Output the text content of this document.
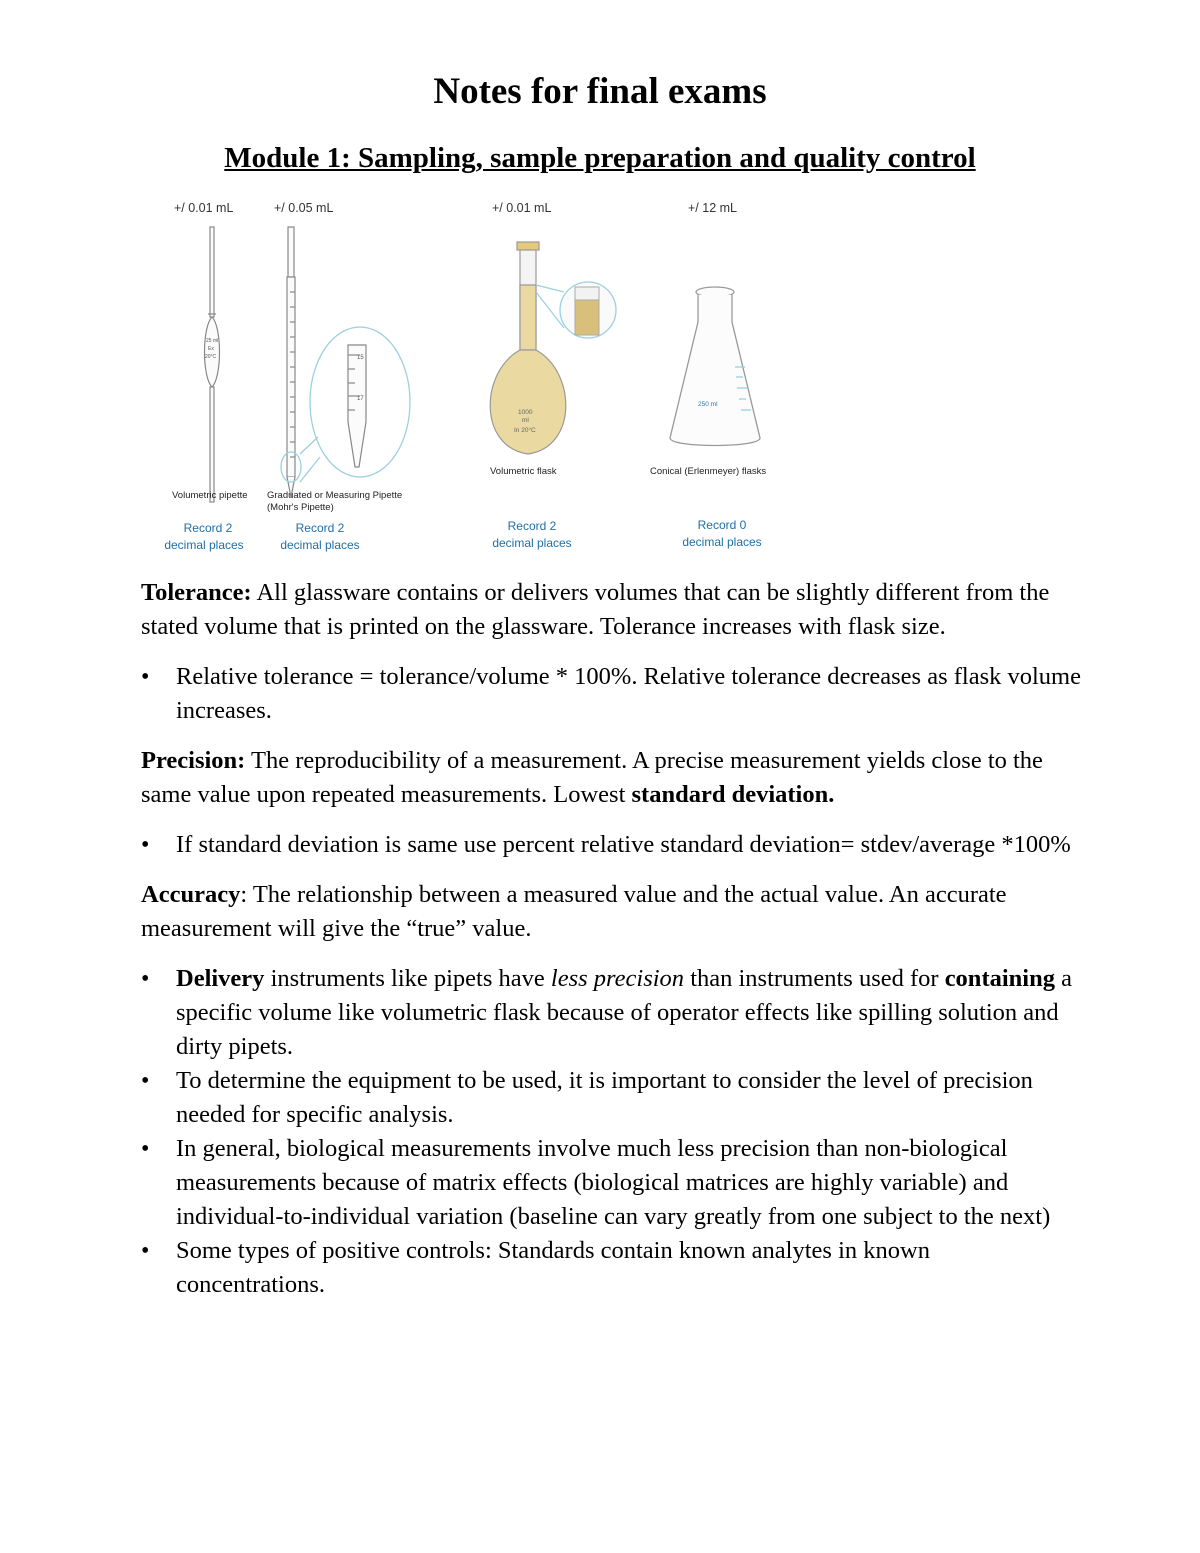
Notes for final exams
Module 1: Sampling, sample preparation and quality control
+/ 0.01 mL	+/ 0.05 mL	+/ 0.01 mL	+/ 12 mL
25 ml
Ex
20°C	15
17
1000
ml
In 20°C
250 ml
Volumetric pipette Graduated or Measuring Pipette
(Mohr's Pipette)
Volumetric flask	Conical (Erlenmeyer) flasks
Record 2
decimal places
Record 2
decimal places
Record 2
decimal places
Record 0
decimal places

Tolerance: All glassware contains or delivers volumes that can be slightly different from the stated volume that is printed on the glassware. Tolerance increases with flask size.

• Relative tolerance = tolerance/volume * 100%. Relative tolerance decreases as flask volume increases.

Precision: The reproducibility of a measurement. A precise measurement yields close to the same value upon repeated measurements. Lowest standard deviation.

• If standard deviation is same use percent relative standard deviation= stdev/average *100%

Accuracy: The relationship between a measured value and the actual value. An accurate measurement will give the “true” value.

• Delivery instruments like pipets have less precision than instruments used for containing a specific volume like volumetric flask because of operator effects like spilling solution and dirty pipets.
• To determine the equipment to be used, it is important to consider the level of precision needed for specific analysis.
• In general, biological measurements involve much less precision than non-biological measurements because of matrix effects (biological matrices are highly variable) and individual-to-individual variation (baseline can vary greatly from one subject to the next)
• Some types of positive controls: Standards contain known analytes in known concentrations.
